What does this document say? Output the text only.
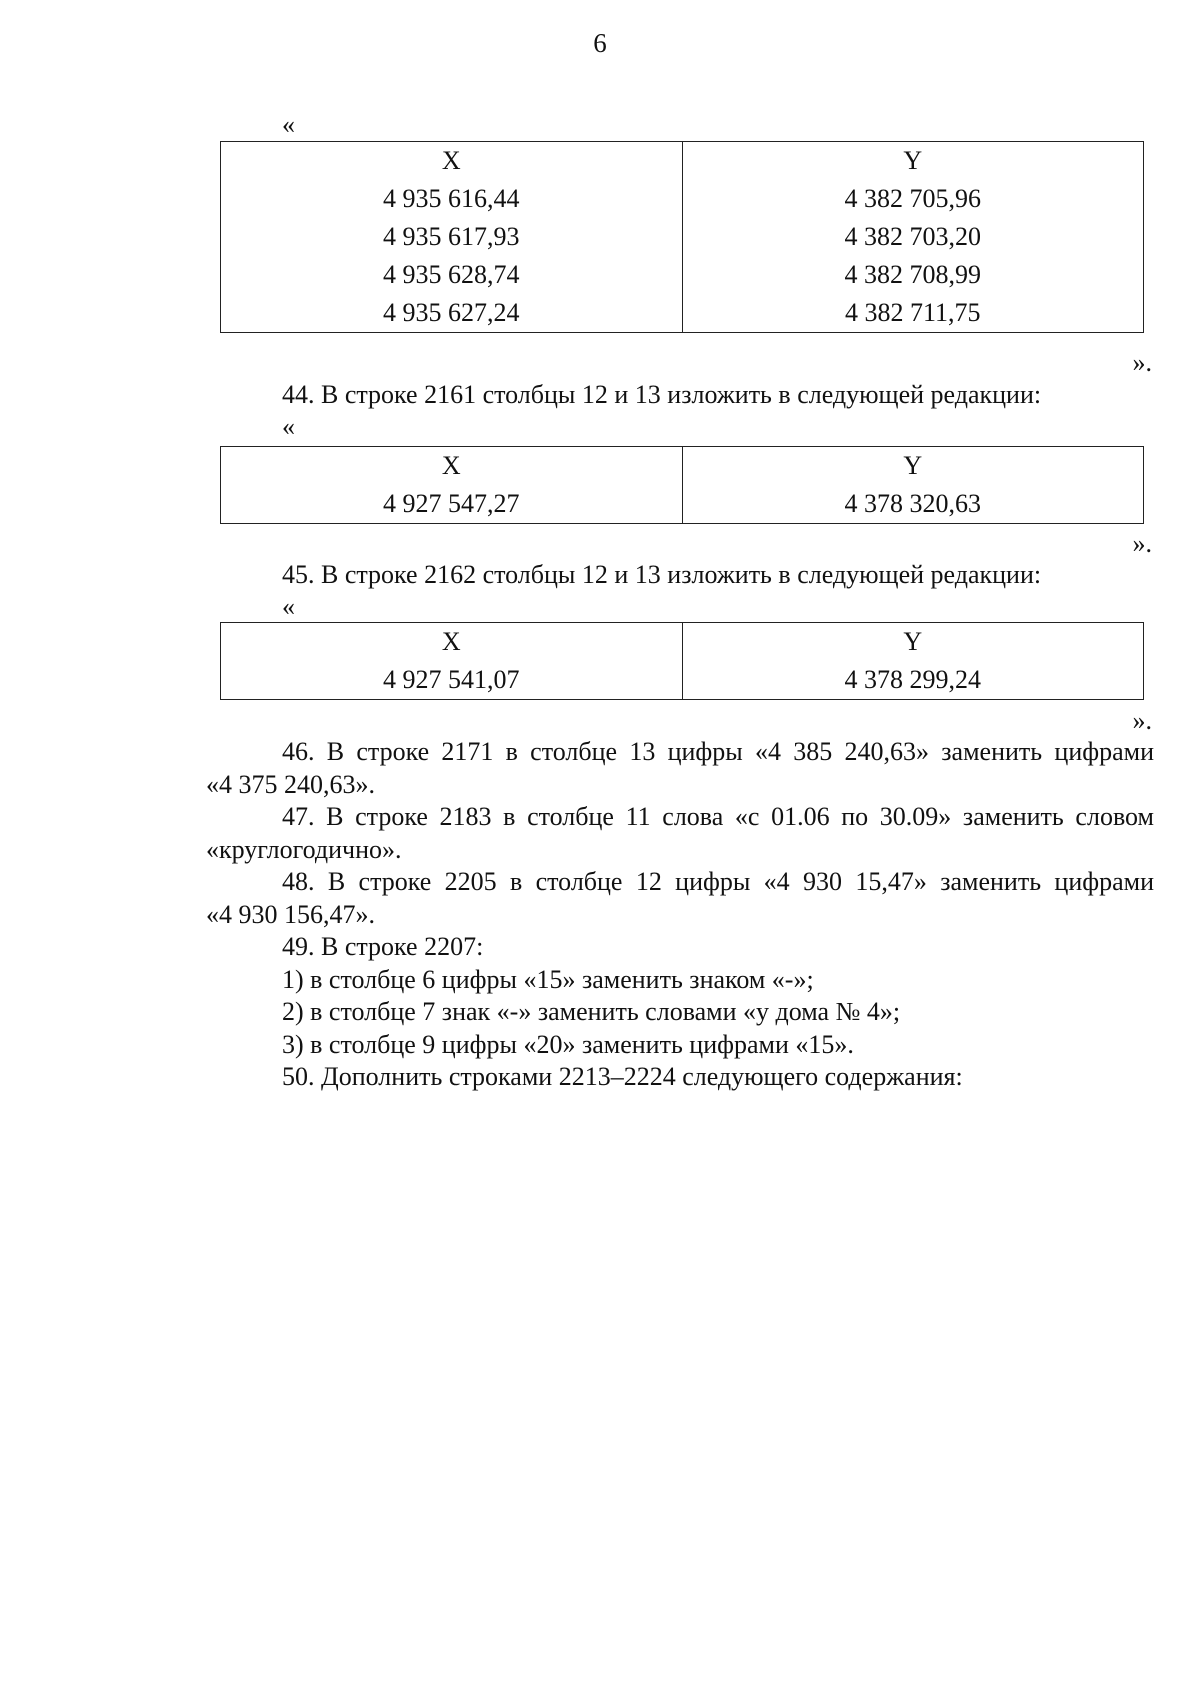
6
«
X	Y
4 935 616,44	4 382 705,96
4 935 617,93	4 382 703,20
4 935 628,74	4 382 708,99
4 935 627,24	4 382 711,75
».
44. В строке 2161 столбцы 12 и 13 изложить в следующей редакции:
«
X	Y
4 927 547,27	4 378 320,63
».
45. В строке 2162 столбцы 12 и 13 изложить в следующей редакции:
«
X	Y
4 927 541,07	4 378 299,24
».
46. В строке 2171 в столбце 13 цифры «4 385 240,63» заменить цифрами
«4 375 240,63».
47. В строке 2183 в столбце 11 слова «с 01.06 по 30.09» заменить словом
«круглогодично».
48. В строке 2205 в столбце 12 цифры «4 930 15,47» заменить цифрами
«4 930 156,47».
49. В строке 2207:
1) в столбце 6 цифры «15» заменить знаком «-»;
2) в столбце 7 знак «-» заменить словами «у дома № 4»;
3) в столбце 9 цифры «20» заменить цифрами «15».
50. Дополнить строками 2213–2224 следующего содержания:
